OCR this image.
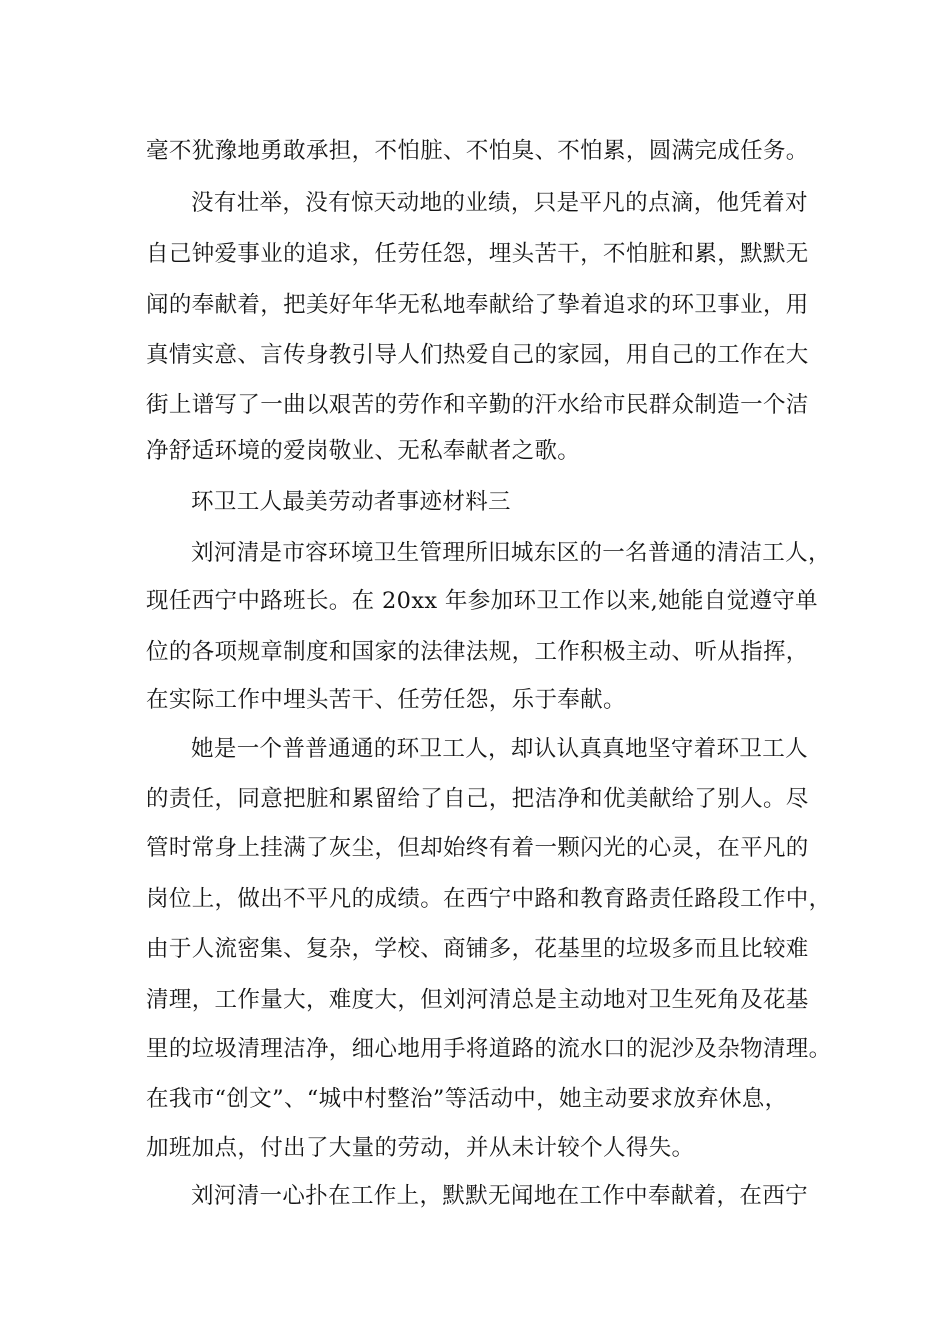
毫不犹豫地勇敢承担，不怕脏、不怕臭、不怕累，圆满完成任务。
没有壮举，没有惊天动地的业绩，只是平凡的点滴，他凭着对
自己钟爱事业的追求，任劳任怨，埋头苦干，不怕脏和累，默默无
闻的奉献着，把美好年华无私地奉献给了挚着追求的环卫事业，用
真情实意、言传身教引导人们热爱自己的家园，用自己的工作在大
街上谱写了一曲以艰苦的劳作和辛勤的汗水给市民群众制造一个洁
净舒适环境的爱岗敬业、无私奉献者之歌。
环卫工人最美劳动者事迹材料三
刘河清是市容环境卫生管理所旧城东区的一名普通的清洁工人，
现任西宁中路班长。在 20xx 年参加环卫工作以来,她能自觉遵守单
位的各项规章制度和国家的法律法规，工作积极主动、听从指挥，
在实际工作中埋头苦干、任劳任怨，乐于奉献。
她是一个普普通通的环卫工人，却认认真真地坚守着环卫工人
的责任，同意把脏和累留给了自己，把洁净和优美献给了别人。尽
管时常身上挂满了灰尘，但却始终有着一颗闪光的心灵，在平凡的
岗位上，做出不平凡的成绩。在西宁中路和教育路责任路段工作中，
由于人流密集、复杂，学校、商铺多，花基里的垃圾多而且比较难
清理，工作量大，难度大，但刘河清总是主动地对卫生死角及花基
里的垃圾清理洁净，细心地用手将道路的流水口的泥沙及杂物清理。
在我市“创文”、“城中村整治”等活动中，她主动要求放弃休息，
加班加点，付出了大量的劳动，并从未计较个人得失。
刘河清一心扑在工作上，默默无闻地在工作中奉献着，在西宁
